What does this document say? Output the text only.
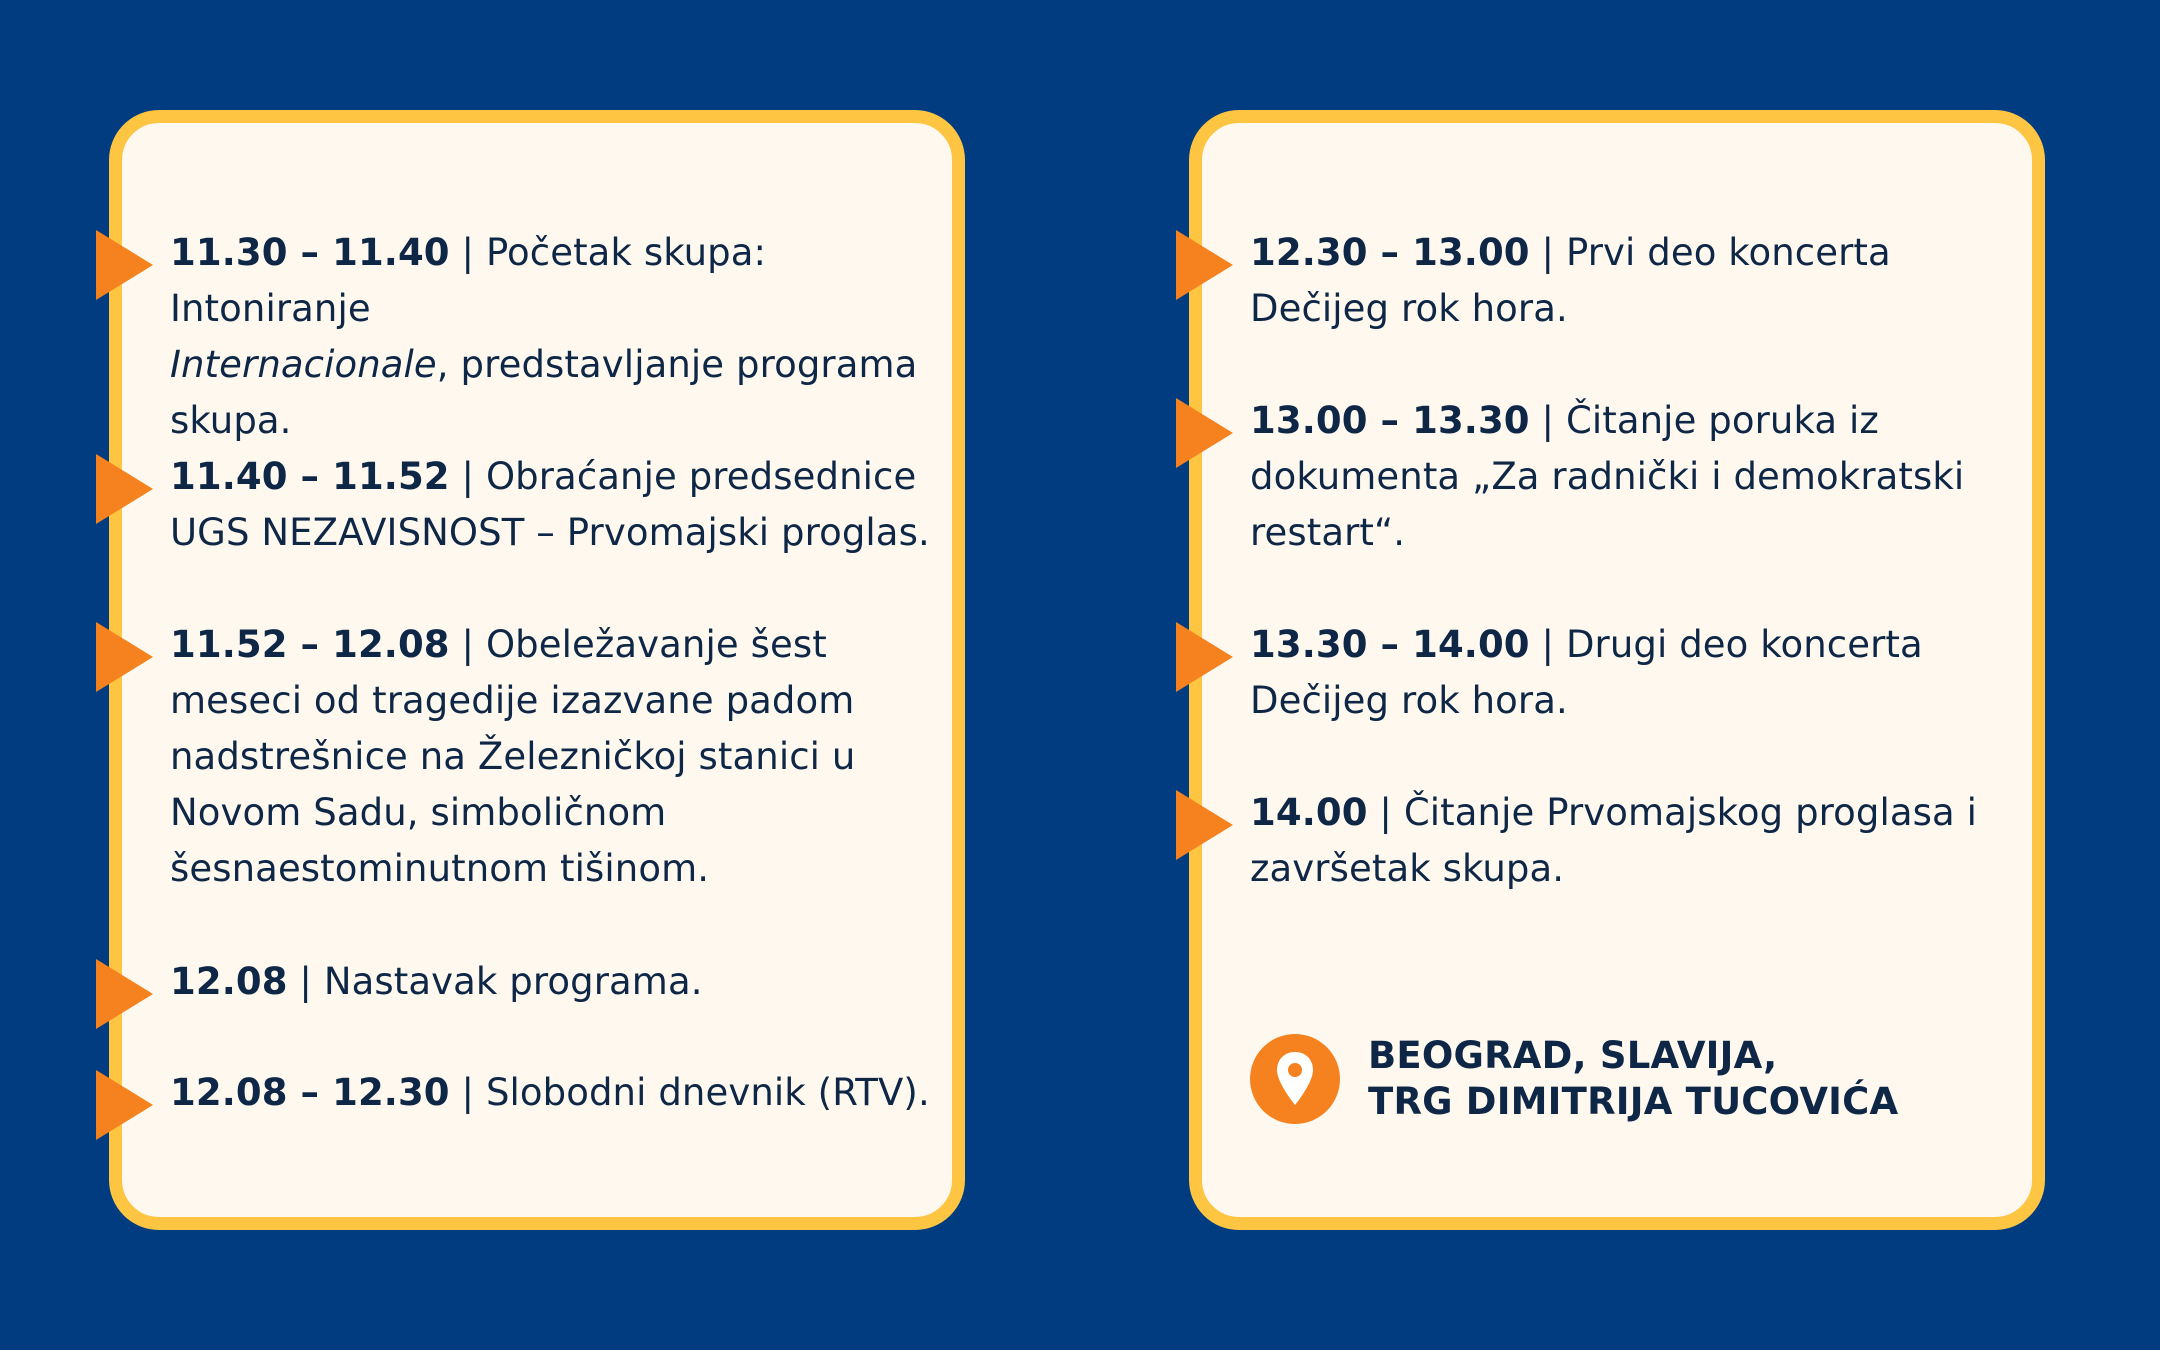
11.30 – 11.40 | Početak skupa: Intoniranje
Internacionale, predstavljanje programa skupa.
11.40 – 11.52 | Obraćanje predsednice UGS NEZAVISNOST – Prvomajski proglas.
11.52 – 12.08 | Obeležavanje šest meseci od tragedije izazvane padom nadstrešnice na Železničkoj stanici u Novom Sadu, simboličnom šesnaestominutnom tišinom.
12.08 | Nastavak programa.
12.08 – 12.30 | Slobodni dnevnik (RTV).
12.30 – 13.00 | Prvi deo koncerta Dečijeg rok hora.
13.00 – 13.30 | Čitanje poruka iz dokumenta „Za radnički i demokratski restart“.
13.30 – 14.00 | Drugi deo koncerta Dečijeg rok hora.
14.00 | Čitanje Prvomajskog proglasa i završetak skupa.
BEOGRAD, SLAVIJA,
TRG DIMITRIJA TUCOVIĆA
